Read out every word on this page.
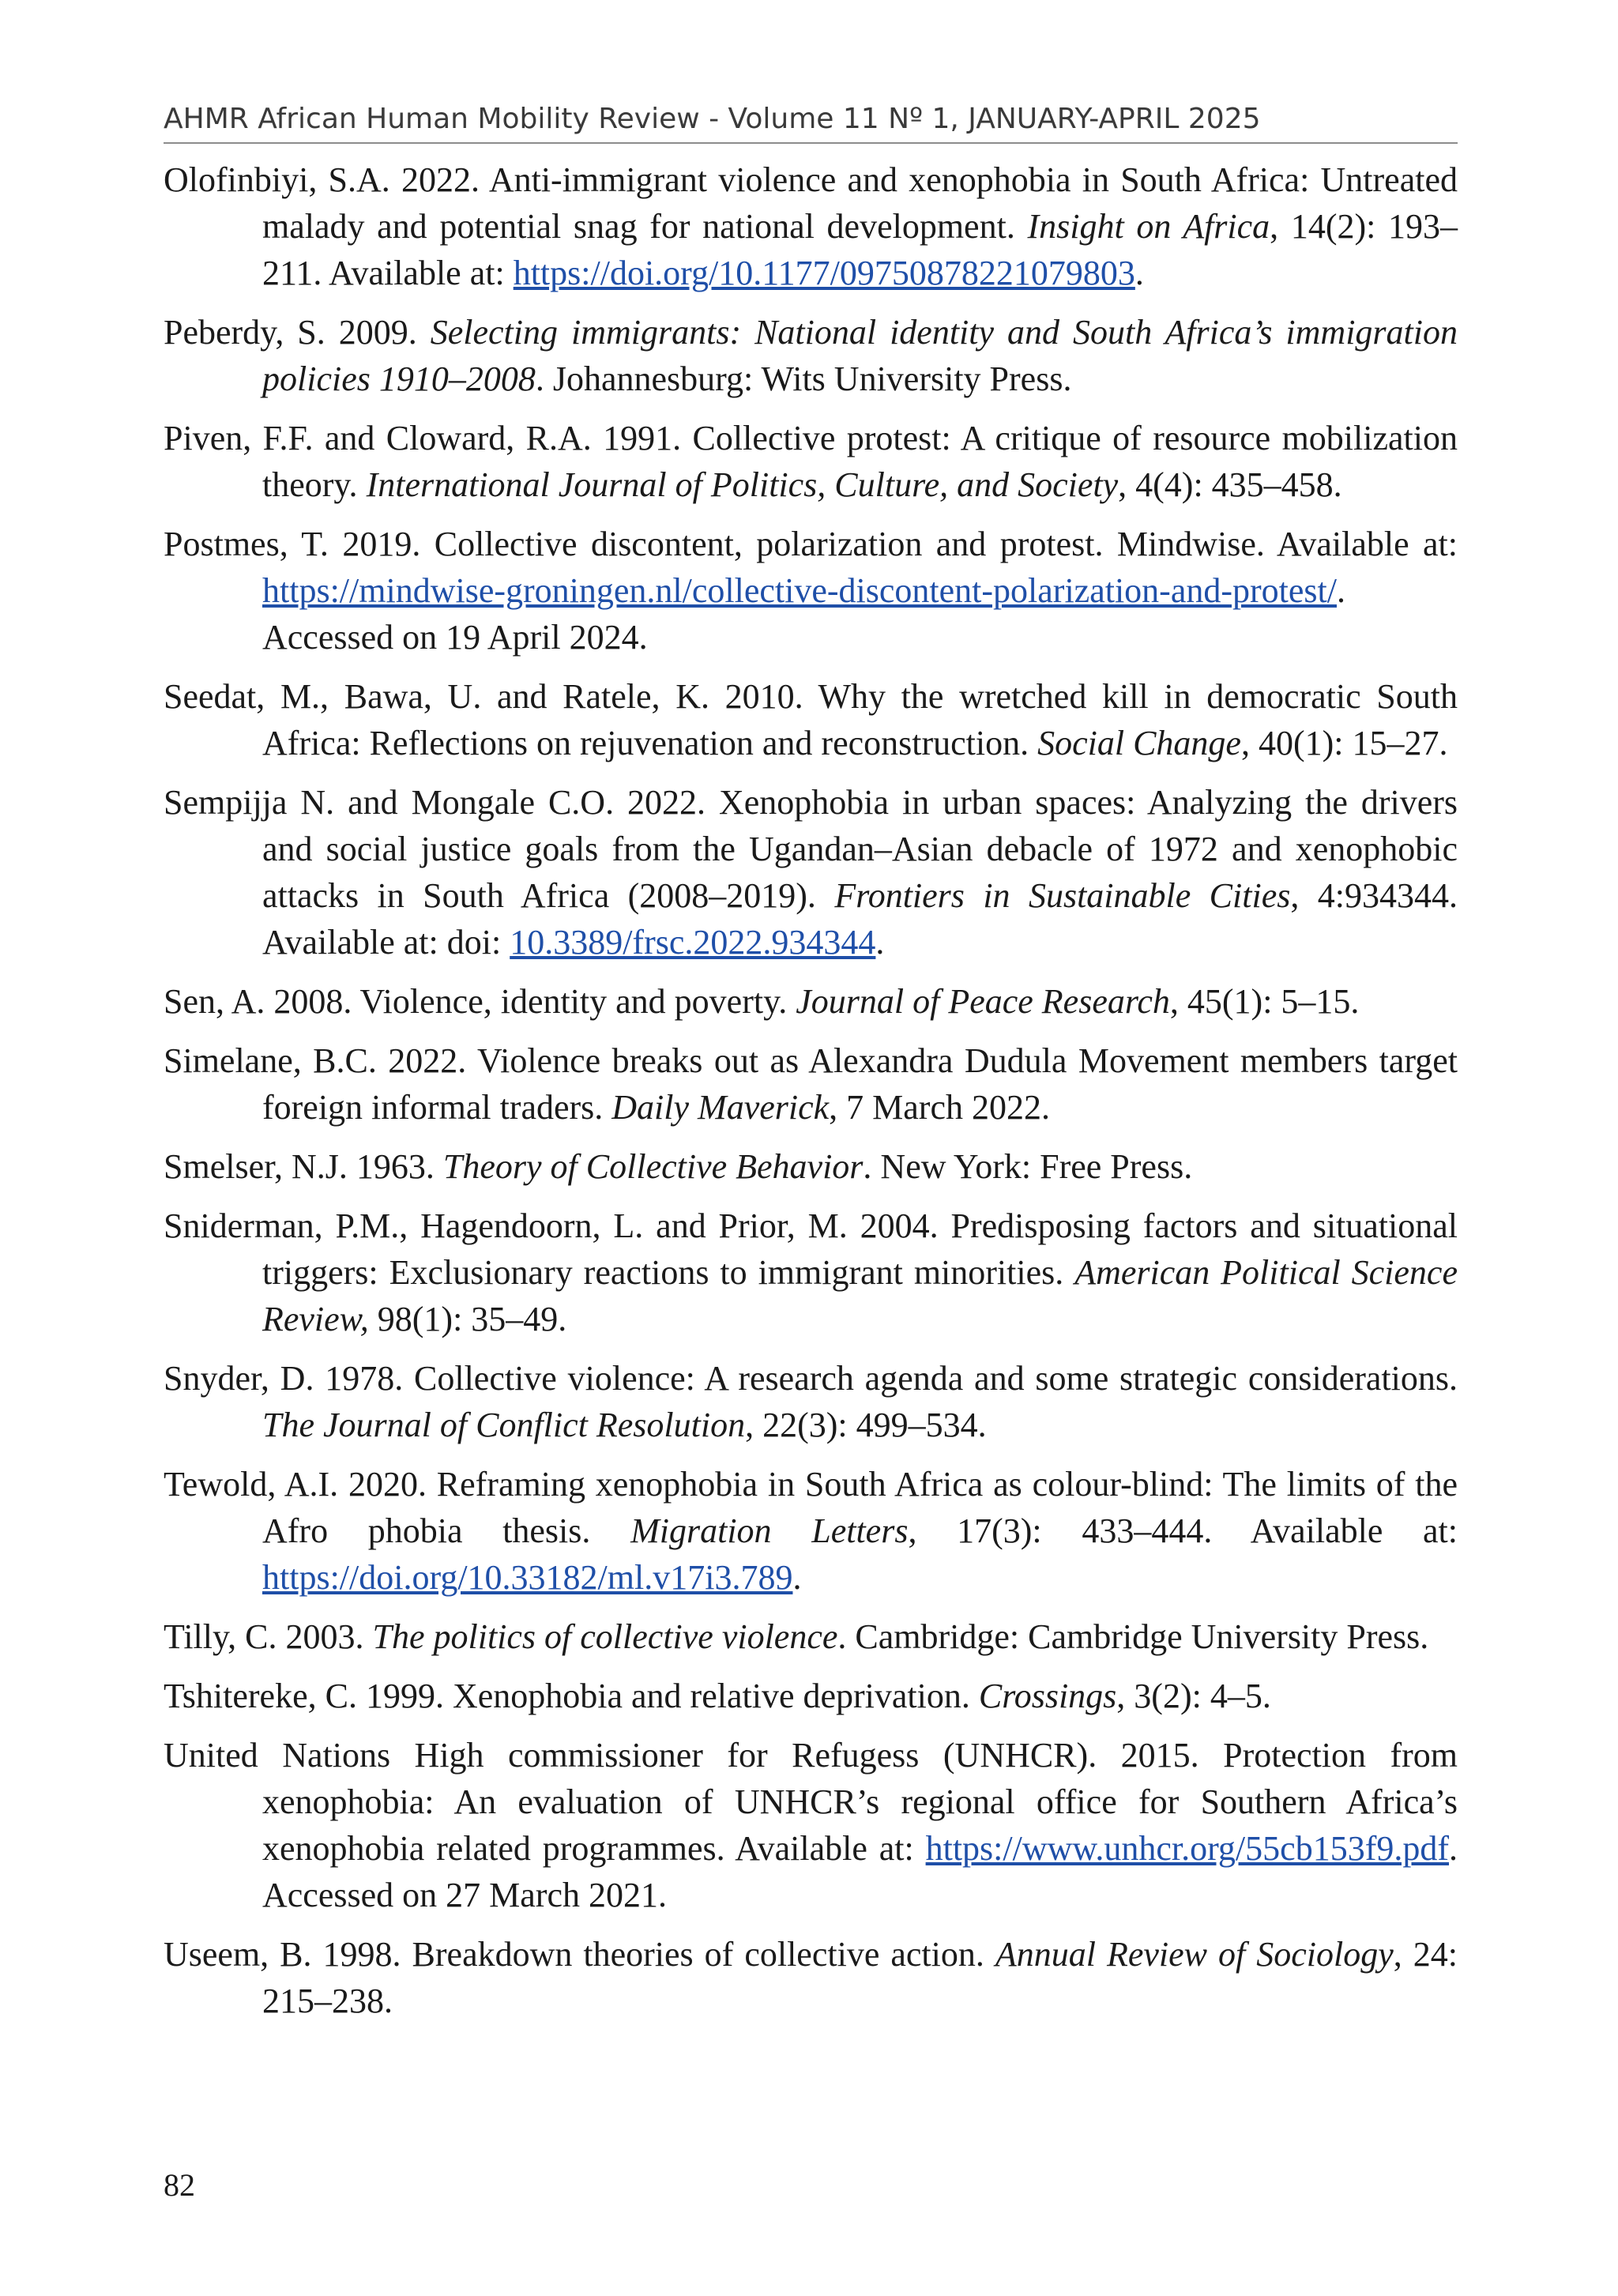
AHMR African Human Mobility Review - Volume 11 Nº 1, JANUARY-APRIL 2025

Olofinbiyi, S.A. 2022. Anti-immigrant violence and xenophobia in South Africa: Untreated malady and potential snag for national development. Insight on Africa, 14(2): 193–211. Available at: https://doi.org/10.1177/09750878221079803.

Peberdy, S. 2009. Selecting immigrants: National identity and South Africa’s immigration policies 1910–2008. Johannesburg: Wits University Press.

Piven, F.F. and Cloward, R.A. 1991. Collective protest: A critique of resource mobilization theory. International Journal of Politics, Culture, and Society, 4(4): 435–458.

Postmes, T. 2019. Collective discontent, polarization and protest. Mindwise. Available at: https://mindwise-groningen.nl/collective-discontent-polarization-and-protest/. Accessed on 19 April 2024.

Seedat, M., Bawa, U. and Ratele, K. 2010. Why the wretched kill in democratic South Africa: Reflections on rejuvenation and reconstruction. Social Change, 40(1): 15–27.

Sempijja N. and Mongale C.O. 2022. Xenophobia in urban spaces: Analyzing the drivers and social justice goals from the Ugandan–Asian debacle of 1972 and xenophobic attacks in South Africa (2008–2019). Frontiers in Sustainable Cities, 4:934344. Available at: doi: 10.3389/frsc.2022.934344.

Sen, A. 2008. Violence, identity and poverty. Journal of Peace Research, 45(1): 5–15.

Simelane, B.C. 2022. Violence breaks out as Alexandra Dudula Movement members target foreign informal traders. Daily Maverick, 7 March 2022.

Smelser, N.J. 1963. Theory of Collective Behavior. New York: Free Press.

Sniderman, P.M., Hagendoorn, L. and Prior, M. 2004. Predisposing factors and situational triggers: Exclusionary reactions to immigrant minorities. American Political Science Review, 98(1): 35–49.

Snyder, D. 1978. Collective violence: A research agenda and some strategic considerations. The Journal of Conflict Resolution, 22(3): 499–534.

Tewold, A.I. 2020. Reframing xenophobia in South Africa as colour-blind: The limits of the Afro phobia thesis. Migration Letters, 17(3): 433–444. Available at: https://doi.org/10.33182/ml.v17i3.789.

Tilly, C. 2003. The politics of collective violence. Cambridge: Cambridge University Press.

Tshitereke, C. 1999. Xenophobia and relative deprivation. Crossings, 3(2): 4–5.

United Nations High commissioner for Refugess (UNHCR). 2015. Protection from xenophobia: An evaluation of UNHCR’s regional office for Southern Africa’s xenophobia related programmes. Available at: https://www.unhcr.org/55cb153f9.pdf. Accessed on 27 March 2021.

Useem, B. 1998. Breakdown theories of collective action. Annual Review of Sociology, 24: 215–238.

82
